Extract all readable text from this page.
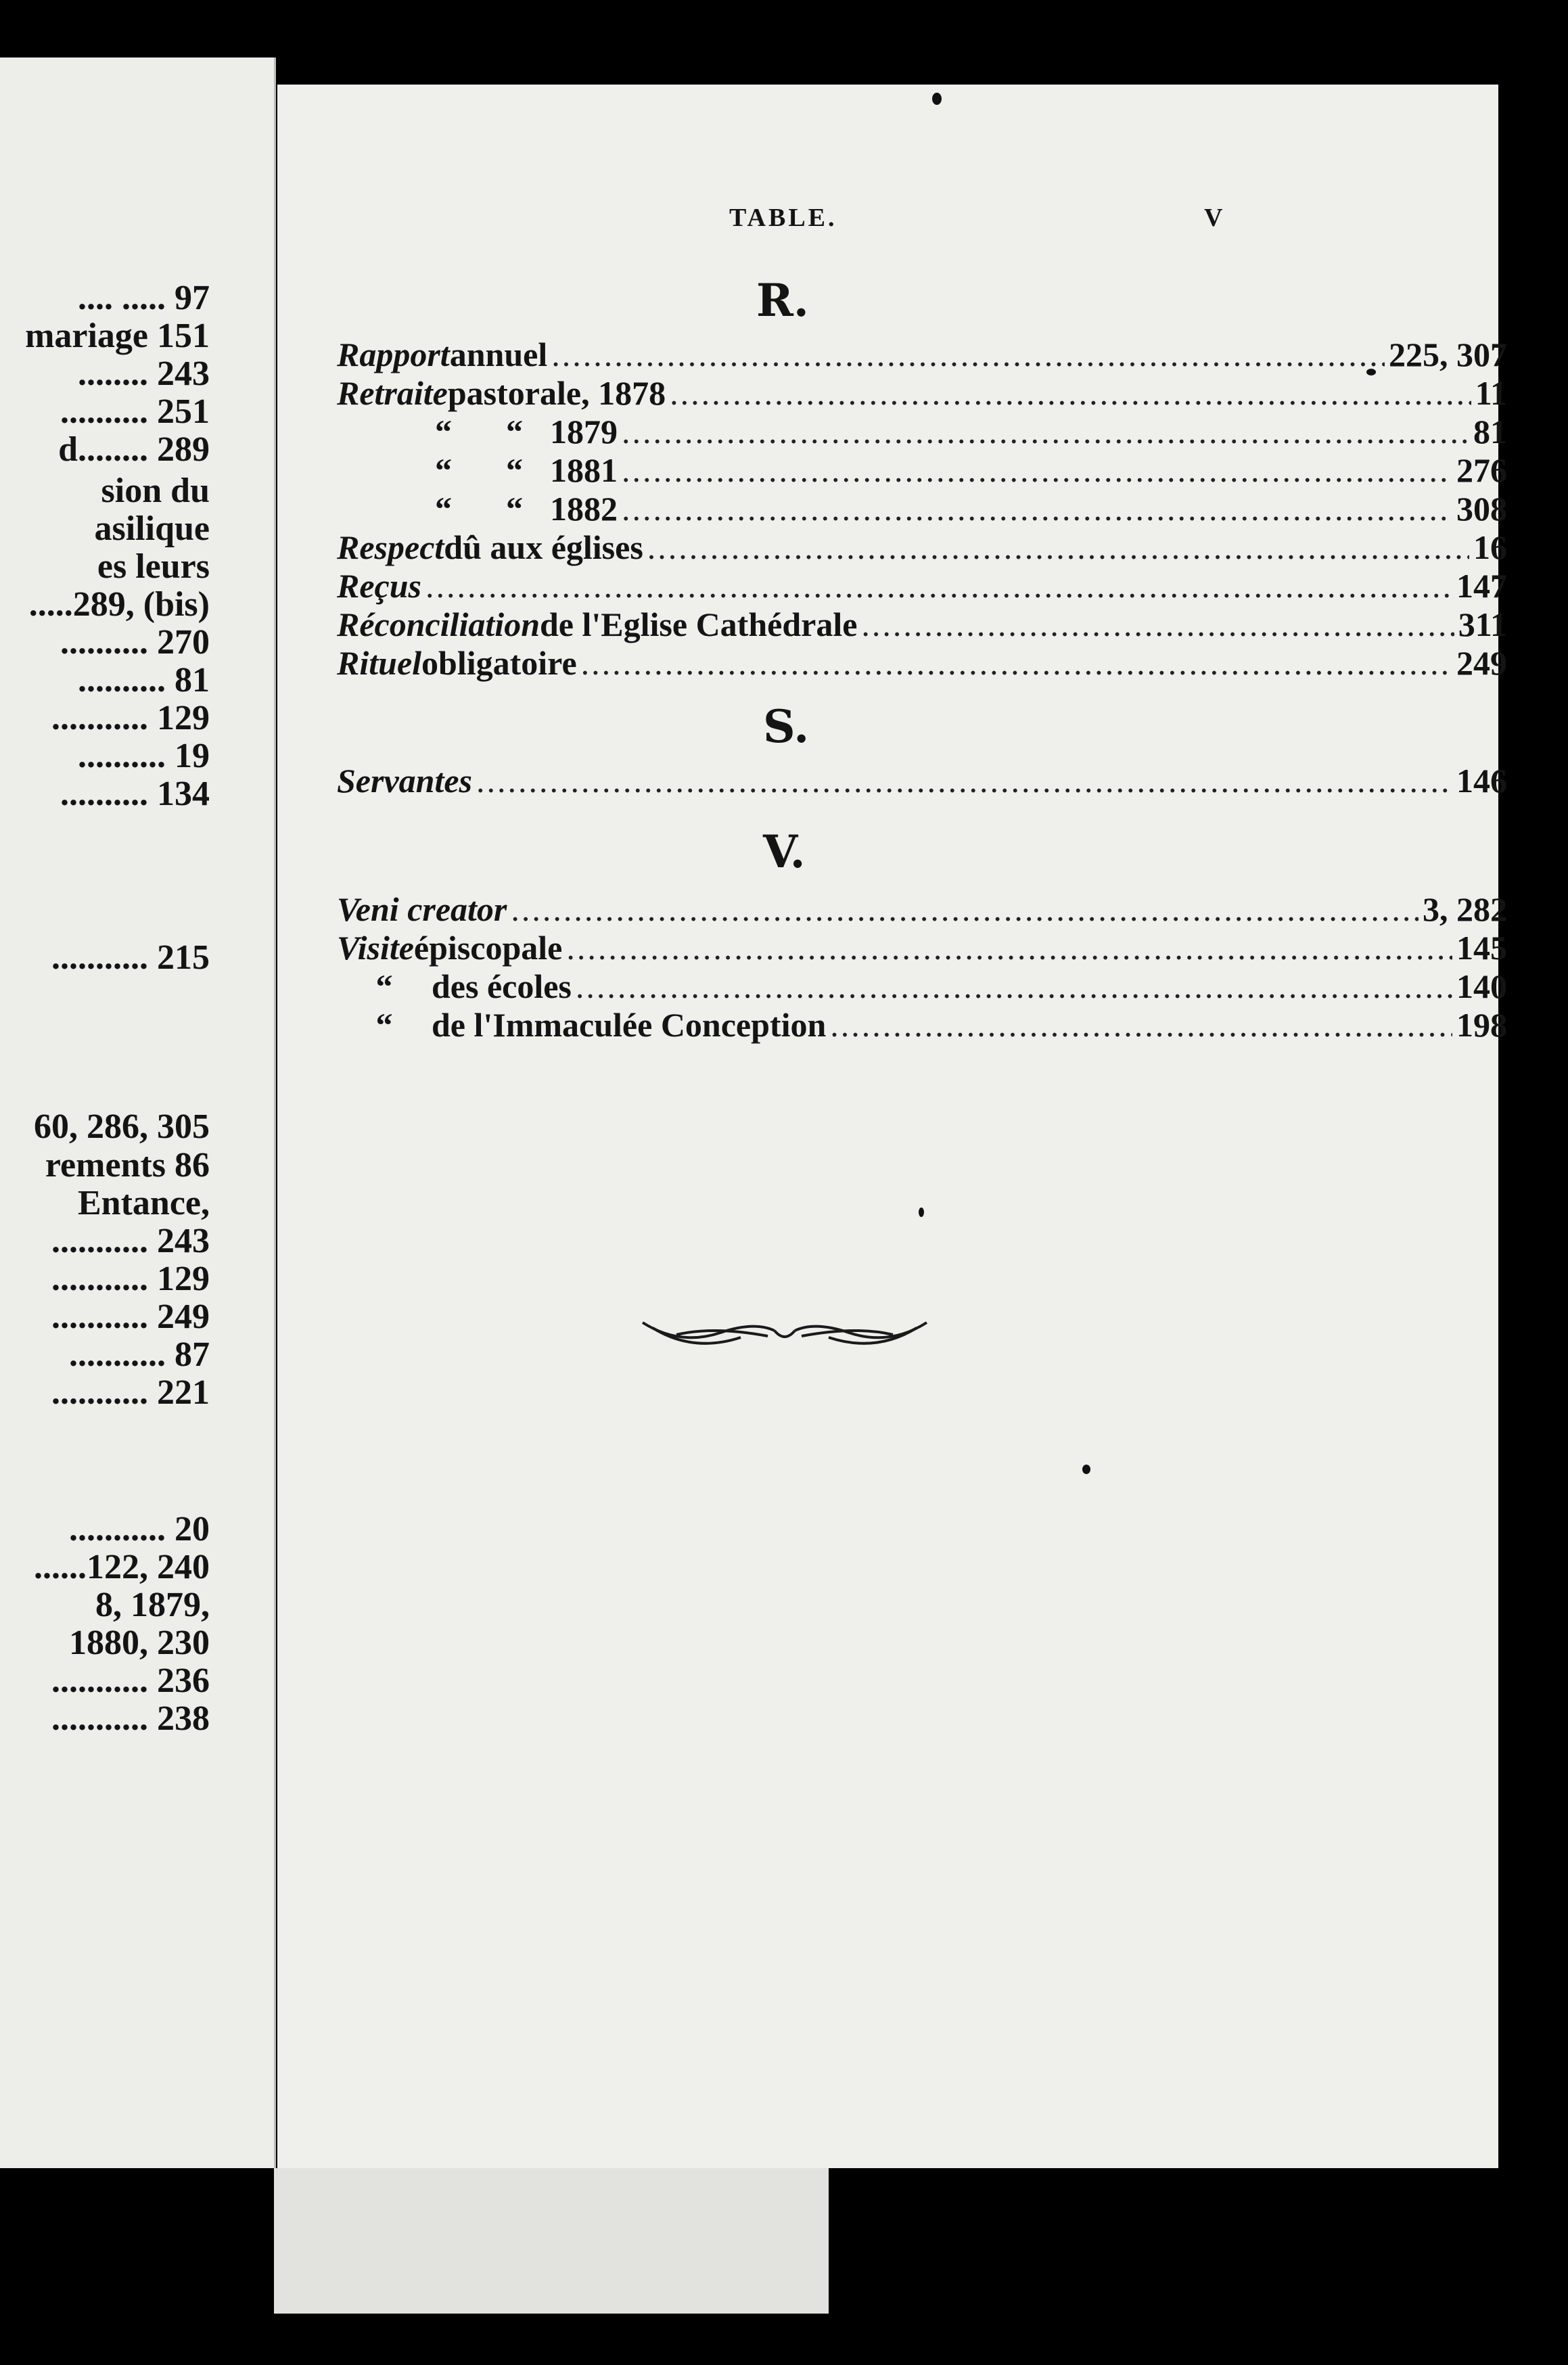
.... ..... 97
mariage 151
........ 243
.......... 251
d........ 289
sion du
asilique
es leurs
.....289, (bis)
.......... 270
.......... 81
........... 129
.......... 19
.......... 134
........... 215
60, 286, 305
rements 86
Entance,
........... 243
........... 129
........... 249
........... 87
........... 221
........... 20
......122, 240
8, 1879,
1880, 230
........... 236
........... 238
TABLE.	V
R.
Rapport annuel .....	225, 307
Retraite pastorale, 1878 .....	11
“	“ 1879 .....	81
“	“ 1881 .....	276
“	“ 1882 .....	308
Respect dû aux églises .....	16
Reçus .....	147
Réconciliation de l'Eglise Cathédrale .....	311
Rituel obligatoire .....	249
S.
Servantes .....	146
V.
Veni creator .....	3, 282
Visite épiscopale .....	145
“	des écoles .....	140
“	de l'Immaculée Conception .....	198
